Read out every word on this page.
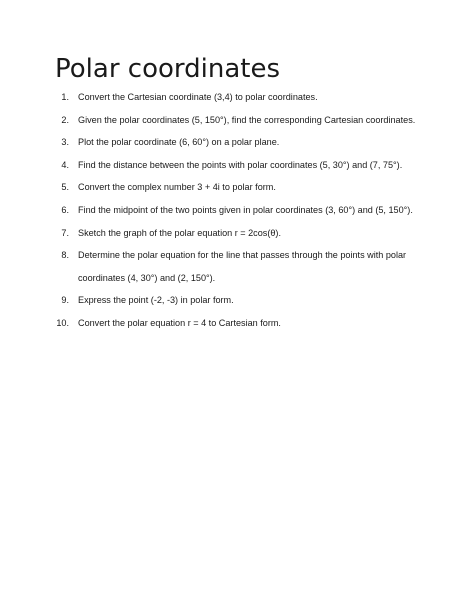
Polar coordinates
1. Convert the Cartesian coordinate (3,4) to polar coordinates.
2. Given the polar coordinates (5, 150°), find the corresponding Cartesian coordinates.
3. Plot the polar coordinate (6, 60°) on a polar plane.
4. Find the distance between the points with polar coordinates (5, 30°) and (7, 75°).
5. Convert the complex number 3 + 4i to polar form.
6. Find the midpoint of the two points given in polar coordinates (3, 60°) and (5, 150°).
7. Sketch the graph of the polar equation r = 2cos(θ).
8. Determine the polar equation for the line that passes through the points with polar coordinates (4, 30°) and (2, 150°).
9. Express the point (-2, -3) in polar form.
10. Convert the polar equation r = 4 to Cartesian form.
